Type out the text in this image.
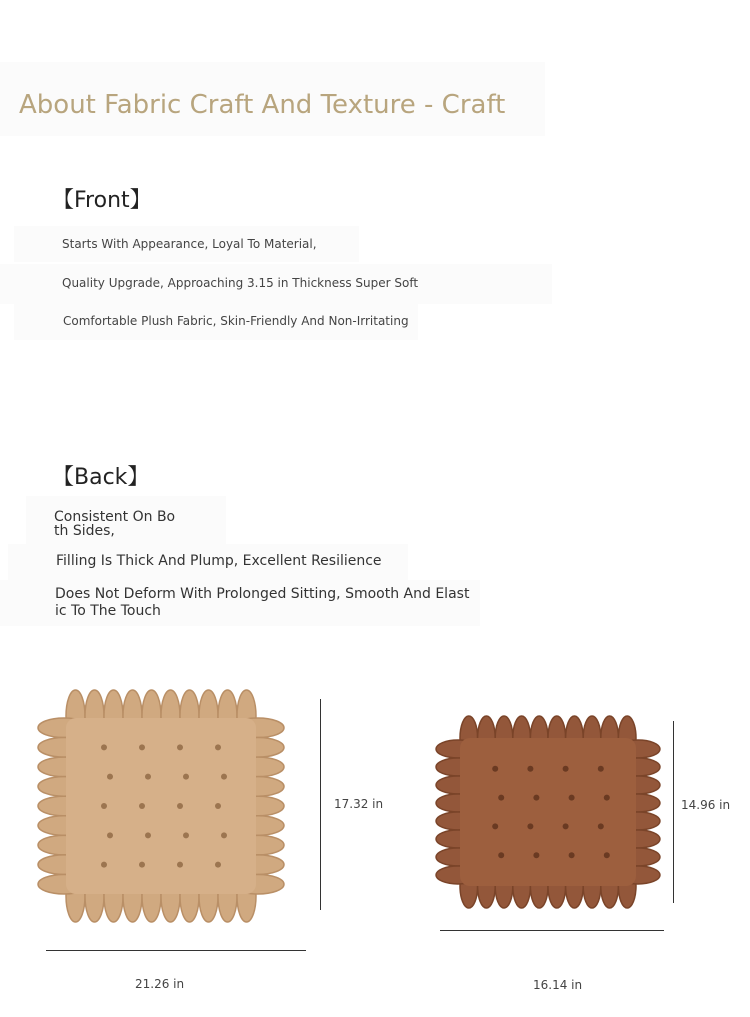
About Fabric Craft And Texture - Craft
【Front】
Starts With Appearance, Loyal To Material,
Quality Upgrade, Approaching 3.15 in Thickness Super Soft
Comfortable Plush Fabric, Skin-Friendly And Non-Irritating
【Back】
Consistent On Bo
th Sides,
Filling Is Thick And Plump, Excellent Resilience
Does Not Deform With Prolonged Sitting, Smooth And Elast
ic To The Touch
17.32 in
21.26 in
14.96 in
16.14 in
